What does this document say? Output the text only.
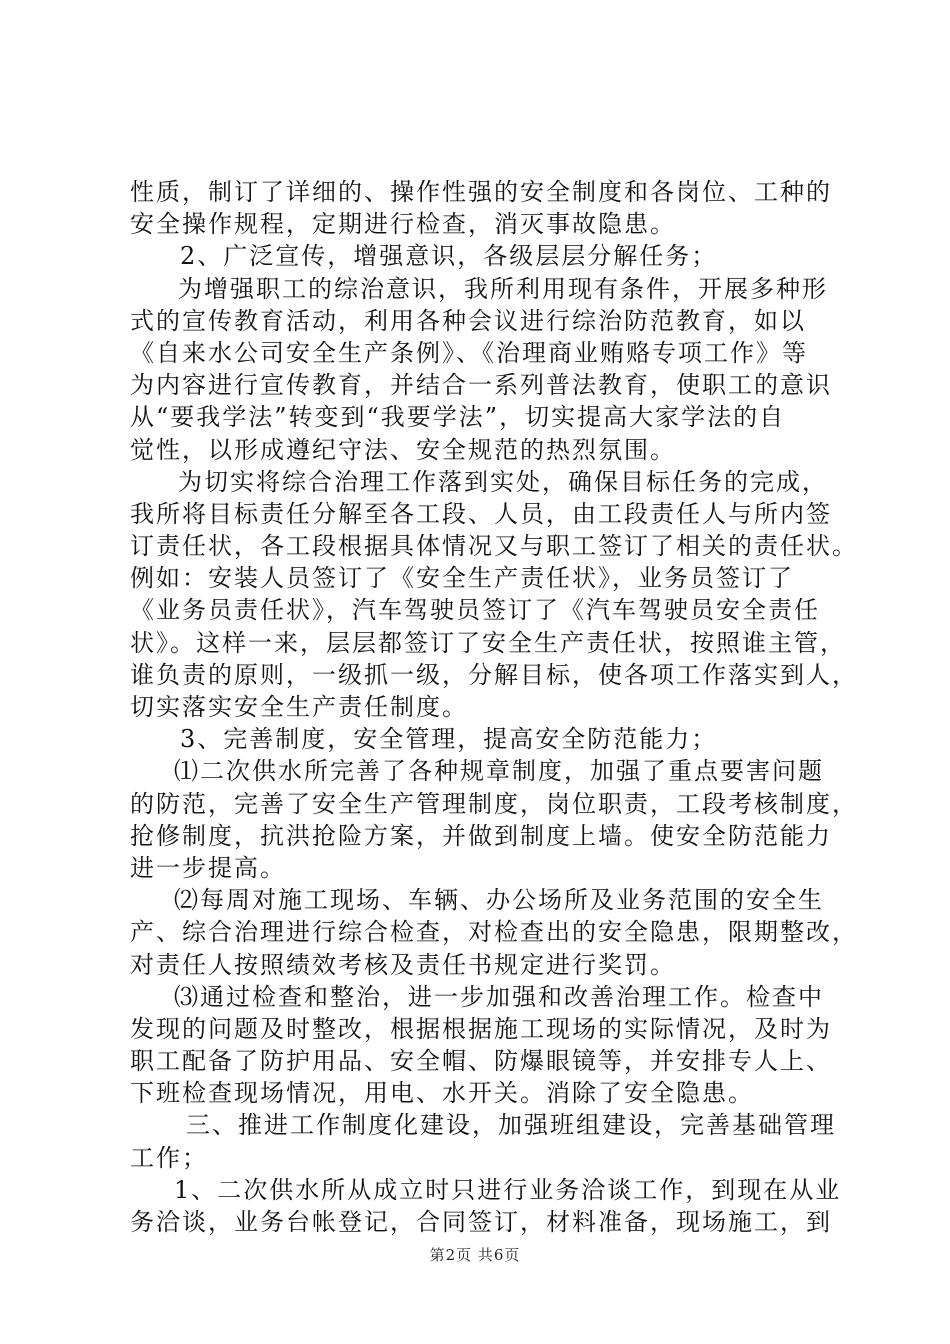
性质，制订了详细的、操作性强的安全制度和各岗位、工种的
安全操作规程，定期进行检查，消灭事故隐患。
2、广泛宣传，增强意识，各级层层分解任务；
为增强职工的综治意识，我所利用现有条件，开展多种形
式的宣传教育活动，利用各种会议进行综治防范教育，如以
《自来水公司安全生产条例》、《治理商业贿赂专项工作》等
为内容进行宣传教育，并结合一系列普法教育，使职工的意识
从“要我学法”转变到“我要学法”，切实提高大家学法的自
觉性，以形成遵纪守法、安全规范的热烈氛围。
为切实将综合治理工作落到实处，确保目标任务的完成，
我所将目标责任分解至各工段、人员，由工段责任人与所内签
订责任状，各工段根据具体情况又与职工签订了相关的责任状。
例如：安装人员签订了《安全生产责任状》，业务员签订了
《业务员责任状》，汽车驾驶员签订了《汽车驾驶员安全责任
状》。这样一来，层层都签订了安全生产责任状，按照谁主管，
谁负责的原则，一级抓一级，分解目标，使各项工作落实到人，
切实落实安全生产责任制度。
3、完善制度，安全管理，提高安全防范能力；
⑴二次供水所完善了各种规章制度，加强了重点要害问题
的防范，完善了安全生产管理制度，岗位职责，工段考核制度，
抢修制度，抗洪抢险方案，并做到制度上墙。使安全防范能力
进一步提高。
⑵每周对施工现场、车辆、办公场所及业务范围的安全生
产、综合治理进行综合检查，对检查出的安全隐患，限期整改，
对责任人按照绩效考核及责任书规定进行奖罚。
⑶通过检查和整治，进一步加强和改善治理工作。检查中
发现的问题及时整改，根据根据施工现场的实际情况，及时为
职工配备了防护用品、安全帽、防爆眼镜等，并安排专人上、
下班检查现场情况，用电、水开关。消除了安全隐患。
三、推进工作制度化建设，加强班组建设，完善基础管理
工作；
1、二次供水所从成立时只进行业务洽谈工作，到现在从业
务洽谈，业务台帐登记，合同签订，材料准备，现场施工，到
第2页 共6页
